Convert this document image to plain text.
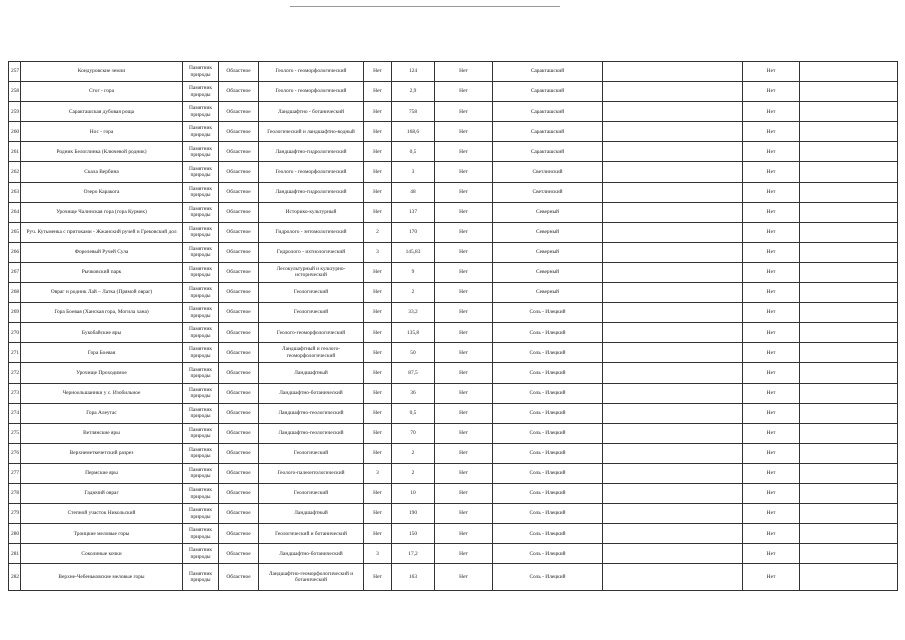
257	Кондуровские земли	Памятник природы	Областное	Геолого - геоморфологический	Нет	124	Нет	Саракташский		Нет	
258	Стог - гора	Памятник природы	Областное	Геолого - геоморфологический	Нет	2,9	Нет	Саракташский		Нет	
259	Саракташская дубовая роща	Памятник природы	Областное	Ландшафтно - ботанический	Нет	758	Нет	Саракташский		Нет	
260	Нос - гора	Памятник природы	Областное	Геологический и ландшафтно-водный	Нет	168,6	Нет	Саракташский		Нет	
261	Родник Белоглинка (Ключевой родник)	Памятник природы	Областное	Ландшафтно-гидрологический	Нет	0,5	Нет	Саракташский		Нет	
262	Скала Вербина	Памятник природы	Областное	Геолого - геоморфологический	Нет	3	Нет	Светлинский		Нет	
263	Озеро Каракога	Памятник природы	Областное	Ландшафтно-гидрологический	Нет	48	Нет	Светлинский		Нет	
264	Урочище Чалинская гора (гора Курмек)	Памятник природы	Областное	Историко-культурный	Нет	137	Нет	Северный		Нет	
265	Руч. Кутьменка с притоками - Жжанский ручей и Грековский дол	Памятник природы	Областное	Гидролого - энтомологический	2	170	Нет	Северный		Нет	
266	Форелевый Ручей Сула	Памятник природы	Областное	Гидролого - ихтиологический	3	145,83	Нет	Северный		Нет	
267	Рычковский парк	Памятник природы	Областное	Лесокультурный и культурно-исторический	Нет	9	Нет	Северный		Нет	
268	Овраг и родник Лай – Латка (Прямой овраг)	Памятник природы	Областное	Геологический	Нет	2	Нет	Северный		Нет	
269	Гора Боевая (Ханская гора, Могила хана)	Памятник природы	Областное	Геологический	Нет	33,2	Нет	Соль - Илецкий		Нет	
270	Букобайские яры	Памятник природы	Областное	Геолого-геоморфологический	Нет	135,8	Нет	Соль - Илецкий		Нет	
271	Гора Боевая	Памятник природы	Областное	Ландшафтный и геолого-геоморфологический	Нет	50	Нет	Соль - Илецкий		Нет	
272	Урочище Проходимое	Памятник природы	Областное	Ландшафтный	Нет	87,5	Нет	Соль - Илецкий		Нет	
273	Черноольшаники у с. Изобильное	Памятник природы	Областное	Ландшафтно-ботанический	Нет	36	Нет	Соль - Илецкий		Нет	
274	Гора Алеутас	Памятник природы	Областное	Ландшафтно-геологический	Нет	0,5	Нет	Соль - Илецкий		Нет	
275	Ветлянские яры	Памятник природы	Областное	Ландшафтно-геологический	Нет	70	Нет	Соль - Илецкий		Нет	
276	Верхнеметкечетский разрез	Памятник природы	Областное	Геологический	Нет	2	Нет	Соль - Илецкий		Нет	
277	Пермские яры	Памятник природы	Областное	Геолого-палеонтологический	3	2	Нет	Соль - Илецкий		Нет	
278	Гадючий овраг	Памятник природы	Областное	Геологический	Нет	10	Нет	Соль - Илецкий		Нет	
279	Степной участок Никольский	Памятник природы	Областное	Ландшафтный	Нет	190	Нет	Соль - Илецкий		Нет	
280	Троицкие меловые горы	Памятник природы	Областное	Геологический и ботанический	Нет	150	Нет	Соль - Илецкий		Нет	
281	Соколиные кочки	Памятник природы	Областное	Ландшафтно-ботанический	3	17,2	Нет	Соль - Илецкий		Нет	
282	Верхне-Чебеньковские меловые горы	Памятник природы	Областное	Ландшафтно-геоморфологический и ботанический	Нет	163	Нет	Соль - Илецкий		Нет	
